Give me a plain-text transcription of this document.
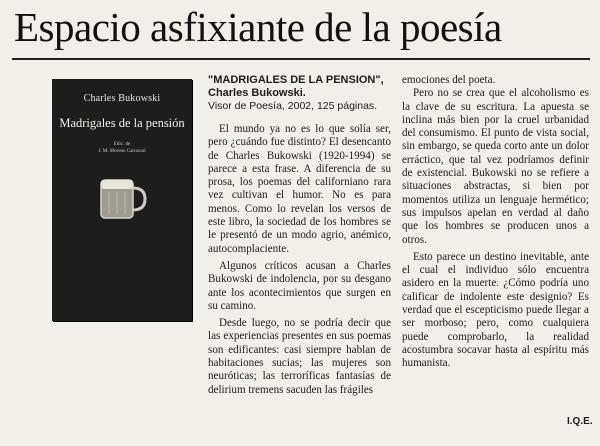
Espacio asfixiante de la poesía
Charles Bukowski
Madrigales de la pensión
Edic. de
J. M. Moreno Carrascal
"MADRIGALES DE LA PENSION",
Charles Bukowski.
Visor de Poesía, 2002, 125 páginas.

El mundo ya no es lo que solía ser, pero ¿cuándo fue distinto? El desencanto de Charles Bukowski (1920-1994) se parece a esta frase. A diferencia de su prosa, los poemas del californiano rara vez cultivan el humor. No es para menos. Como lo revelan los versos de este libro, la sociedad de los hombres se le presentó de un modo agrio, anémico, autocomplaciente.

Algunos críticos acusan a Charles Bukowski de indolencia, por su desgano ante los acontecimientos que surgen en su camino.

Desde luego, no se podría decir que las experiencias presentes en sus poemas son edificantes: casi siempre hablan de habitaciones sucias; las mujeres son neuróticas; las terroríficas fantasías de delirium tremens sacuden las frágiles

emociones del poeta.

Pero no se crea que el alcoholismo es la clave de su escritura. La apuesta se inclina más bien por la cruel urbanidad del consumismo. El punto de vista social, sin embargo, se queda corto ante un dolor erráctico, que tal vez podríamos definir de existencial. Bukowski no se refiere a situaciones abstractas, si bien por momentos utiliza un lenguaje hermético; sus impulsos apelan en verdad al daño que los hombres se producen unos a otros.

Esto parece un destino inevitable, ante el cual el individuo sólo encuentra asidero en la muerte. ¿Cómo podría uno calificar de indolente este designio? Es verdad que el escepticismo puede llegar a ser morboso; pero, como cualquiera puede comprobarlo, la realidad acostumbra socavar hasta al espíritu más humanista.

I.Q.E.
